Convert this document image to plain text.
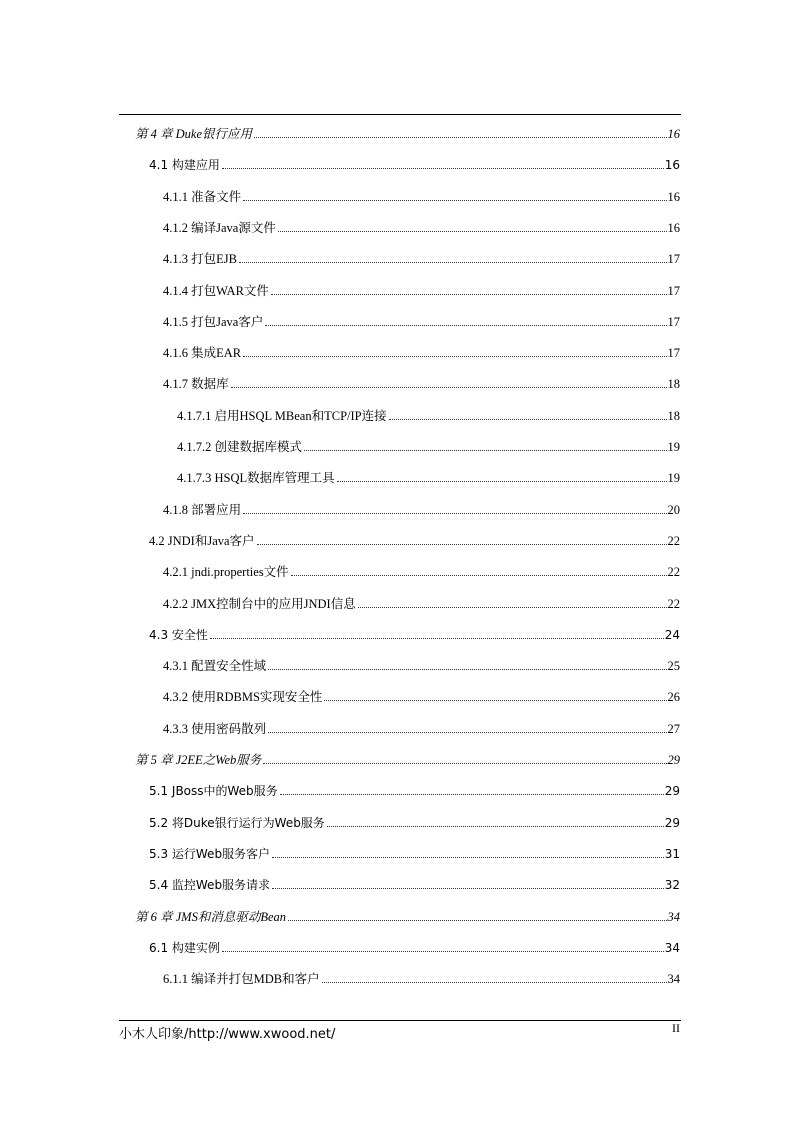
第 4 章 Duke银行应用	16
4.1 构建应用	16
4.1.1 准备文件	16
4.1.2 编译Java源文件	16
4.1.3 打包EJB	17
4.1.4 打包WAR文件	17
4.1.5 打包Java客户	17
4.1.6 集成EAR	17
4.1.7 数据库	18
4.1.7.1 启用HSQL MBean和TCP/IP连接	18
4.1.7.2 创建数据库模式	19
4.1.7.3 HSQL数据库管理工具	19
4.1.8 部署应用	20
4.2 JNDI和Java客户	22
4.2.1 jndi.properties文件	22
4.2.2 JMX控制台中的应用JNDI信息	22
4.3 安全性	24
4.3.1 配置安全性域	25
4.3.2 使用RDBMS实现安全性	26
4.3.3 使用密码散列	27
第 5 章 J2EE之Web服务	29
5.1 JBoss中的Web服务	29
5.2 将Duke银行运行为Web服务	29
5.3 运行Web服务客户	31
5.4 监控Web服务请求	32
第 6 章 JMS和消息驱动Bean	34
6.1 构建实例	34
6.1.1 编译并打包MDB和客户	34
小木人印象/http://www.xwood.net/	II
